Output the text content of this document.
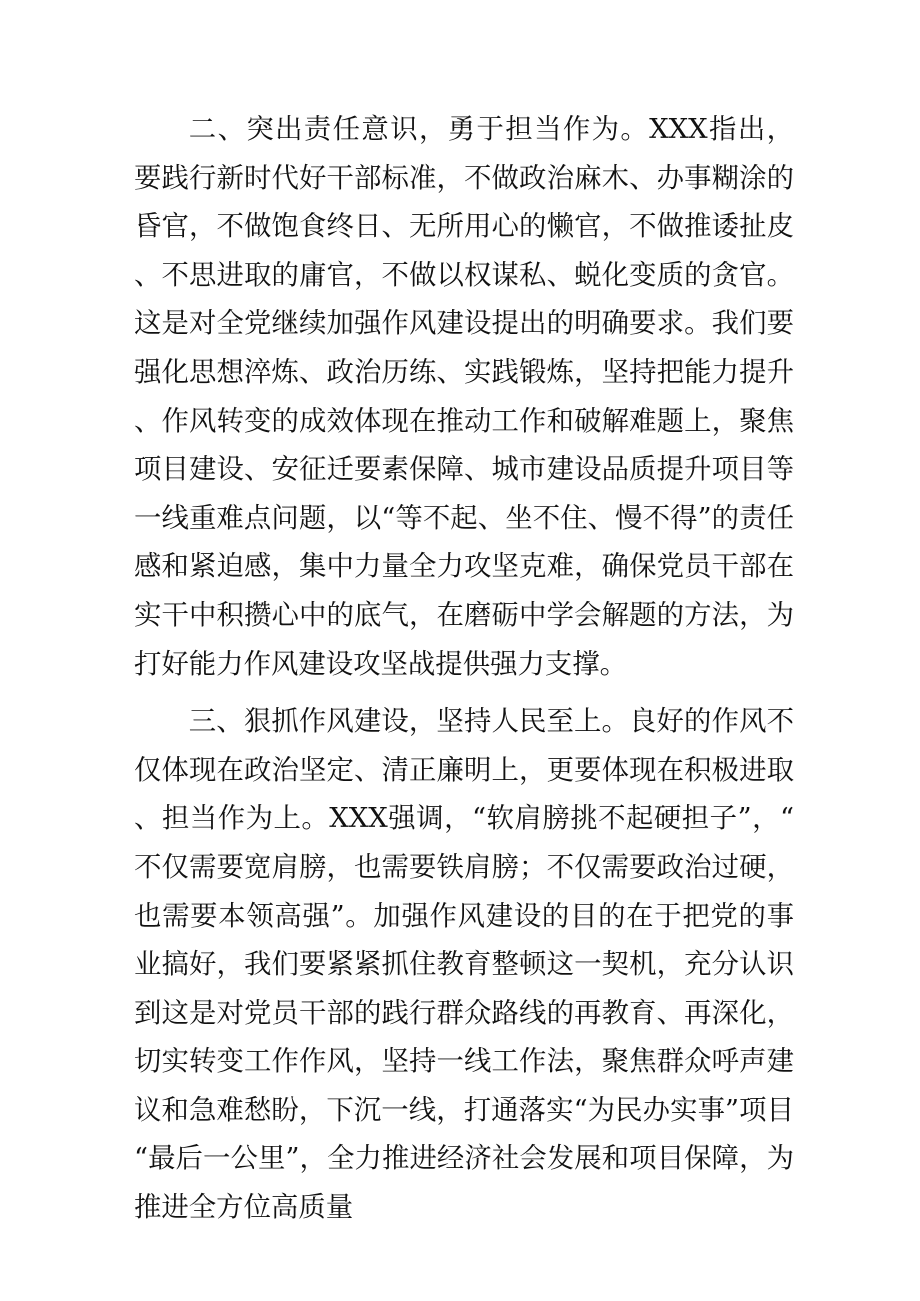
二、突出责任意识，勇于担当作为。XXX指出，要践行新时代好干部标准，不做政治麻木、办事糊涂的昏官，不做饱食终日、无所用心的懒官，不做推诿扯皮、不思进取的庸官，不做以权谋私、蜕化变质的贪官。这是对全党继续加强作风建设提出的明确要求。我们要强化思想淬炼、政治历练、实践锻炼，坚持把能力提升、作风转变的成效体现在推动工作和破解难题上，聚焦项目建设、安征迁要素保障、城市建设品质提升项目等一线重难点问题，以“等不起、坐不住、慢不得”的责任感和紧迫感，集中力量全力攻坚克难，确保党员干部在实干中积攒心中的底气，在磨砺中学会解题的方法，为打好能力作风建设攻坚战提供强力支撑。

三、狠抓作风建设，坚持人民至上。良好的作风不仅体现在政治坚定、清正廉明上，更要体现在积极进取、担当作为上。XXX强调，“软肩膀挑不起硬担子”，“不仅需要宽肩膀，也需要铁肩膀；不仅需要政治过硬，也需要本领高强”。加强作风建设的目的在于把党的事业搞好，我们要紧紧抓住教育整顿这一契机，充分认识到这是对党员干部的践行群众路线的再教育、再深化，切实转变工作作风，坚持一线工作法，聚焦群众呼声建议和急难愁盼，下沉一线，打通落实“为民办实事”项目“最后一公里”，全力推进经济社会发展和项目保障，为推进全方位高质量
